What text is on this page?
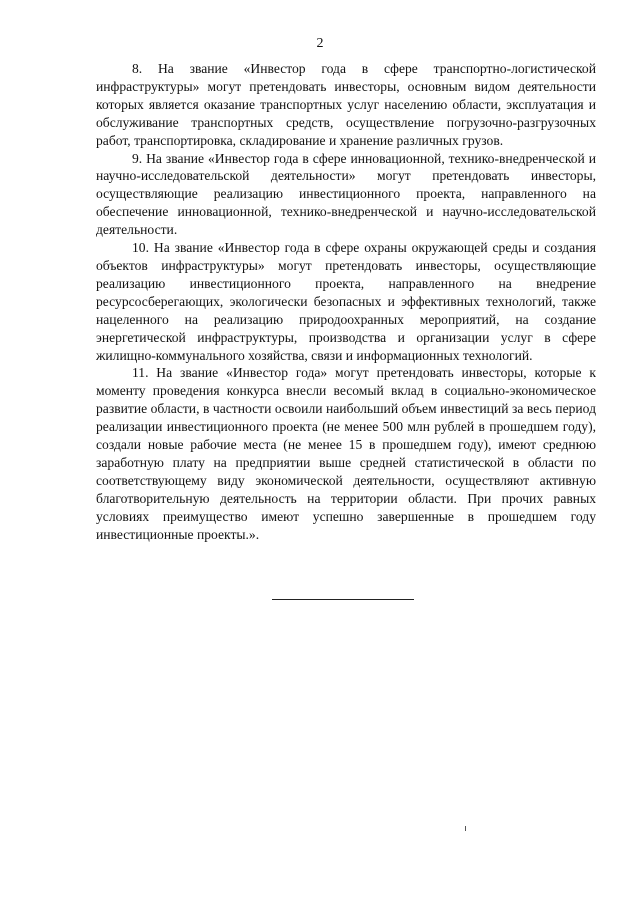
2

8. На звание «Инвестор года в сфере транспортно-логистической инфраструктуры» могут претендовать инвесторы, основным видом деятельности которых является оказание транспортных услуг населению области, эксплуатация и обслуживание транспортных средств, осуществление погрузочно-разгрузочных работ, транспортировка, складирование и хранение различных грузов.

9. На звание «Инвестор года в сфере инновационной, технико-внедренческой и научно-исследовательской деятельности» могут претендовать инвесторы, осуществляющие реализацию инвестиционного проекта, направленного на обеспечение инновационной, технико-внедренческой и научно-исследовательской деятельности.

10. На звание «Инвестор года в сфере охраны окружающей среды и создания объектов инфраструктуры» могут претендовать инвесторы, осуществляющие реализацию инвестиционного проекта, направленного на внедрение ресурсосберегающих, экологически безопасных и эффективных технологий, также нацеленного на реализацию природоохранных мероприятий, на создание энергетической инфраструктуры, производства и организации услуг в сфере жилищно-коммунального хозяйства, связи и информационных технологий.

11. На звание «Инвестор года» могут претендовать инвесторы, которые к моменту проведения конкурса внесли весомый вклад в социально-экономическое развитие области, в частности освоили наибольший объем инвестиций за весь период реализации инвестиционного проекта (не менее 500 млн рублей в прошедшем году), создали новые рабочие места (не менее 15 в прошедшем году), имеют среднюю заработную плату на предприятии выше средней статистической в области по соответствующему виду экономической деятельности, осуществляют активную благотворительную деятельность на территории области. При прочих равных условиях преимущество имеют успешно завершенные в прошедшем году инвестиционные проекты.».
